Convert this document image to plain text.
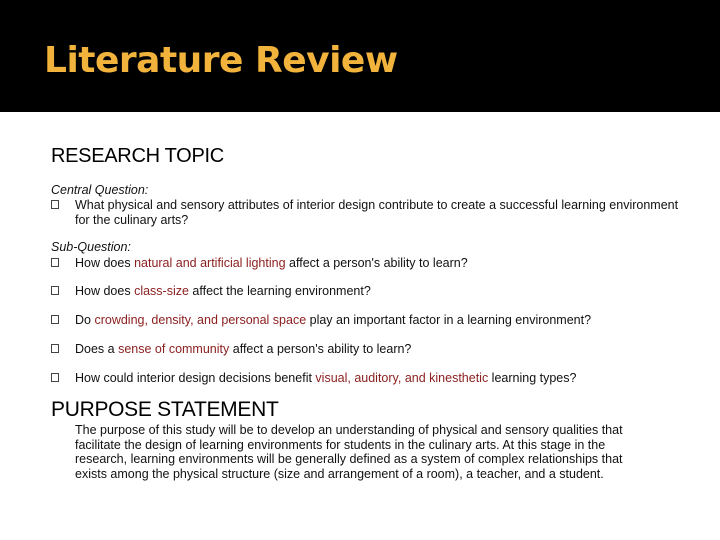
Literature Review
RESEARCH TOPIC
Central Question:
What physical and sensory attributes of interior design contribute to create a successful learning environment for the culinary arts?
Sub-Question:
How does natural and artificial lighting affect a person's ability to learn?
How does class-size affect the learning environment?
Do crowding, density, and personal space play an important factor in a learning environment?
Does a sense of community affect a person's ability to learn?
How could interior design decisions benefit visual, auditory, and kinesthetic learning types?
PURPOSE STATEMENT
The purpose of this study will be to develop an understanding of physical and sensory qualities that facilitate the design of learning environments for students in the culinary arts. At this stage in the research, learning environments will be generally defined as a system of complex relationships that exists among the physical structure (size and arrangement of a room), a teacher, and a student.
